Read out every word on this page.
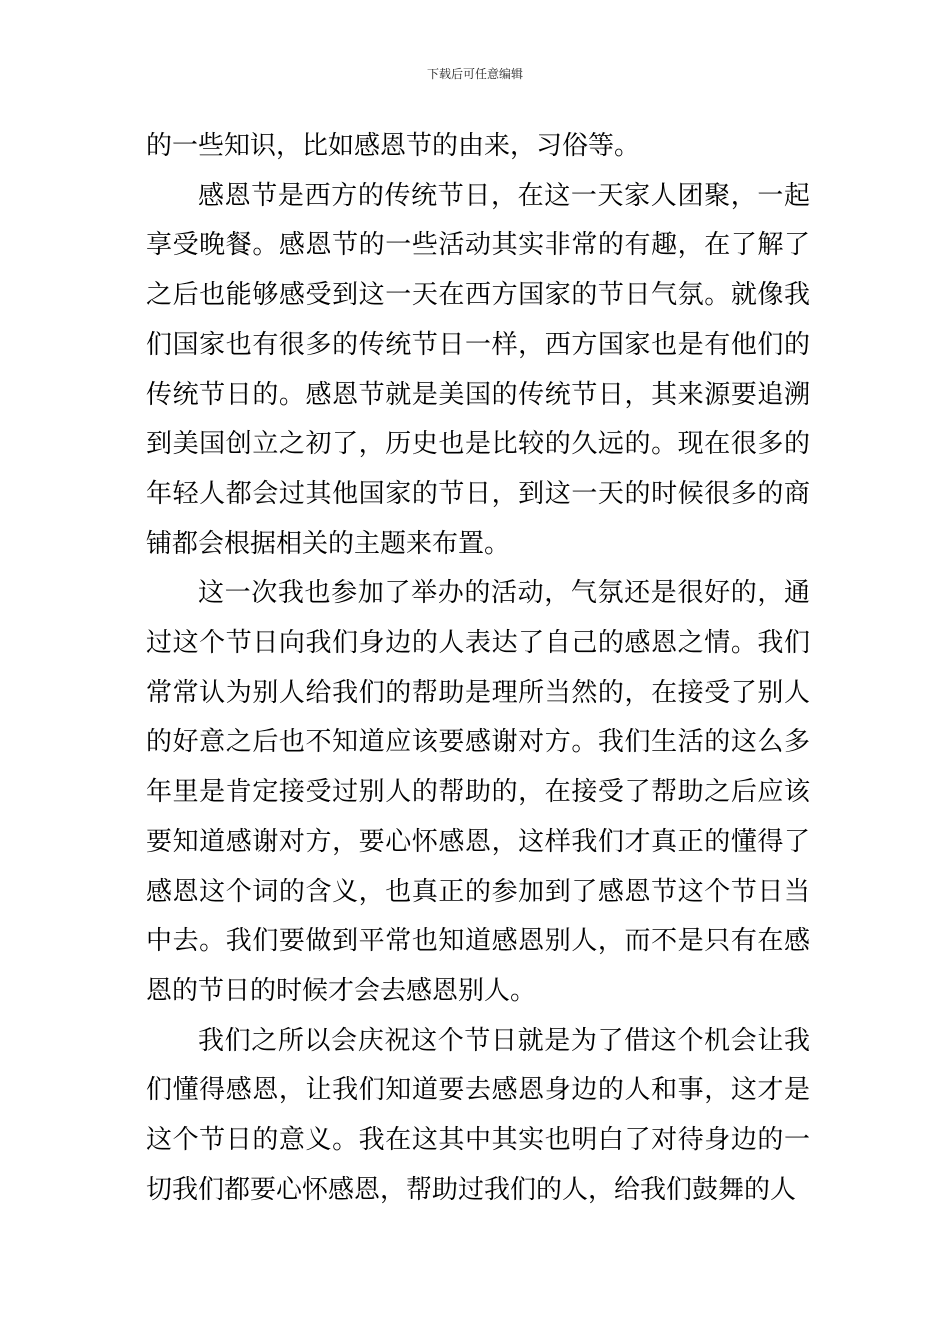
下载后可任意编辑

的一些知识，比如感恩节的由来，习俗等。

感恩节是西方的传统节日，在这一天家人团聚，一起享受晚餐。感恩节的一些活动其实非常的有趣，在了解了之后也能够感受到这一天在西方国家的节日气氛。就像我们国家也有很多的传统节日一样，西方国家也是有他们的传统节日的。感恩节就是美国的传统节日，其来源要追溯到美国创立之初了，历史也是比较的久远的。现在很多的年轻人都会过其他国家的节日，到这一天的时候很多的商铺都会根据相关的主题来布置。

这一次我也参加了举办的活动，气氛还是很好的，通过这个节日向我们身边的人表达了自己的感恩之情。我们常常认为别人给我们的帮助是理所当然的，在接受了别人的好意之后也不知道应该要感谢对方。我们生活的这么多年里是肯定接受过别人的帮助的，在接受了帮助之后应该要知道感谢对方，要心怀感恩，这样我们才真正的懂得了感恩这个词的含义，也真正的参加到了感恩节这个节日当中去。我们要做到平常也知道感恩别人，而不是只有在感恩的节日的时候才会去感恩别人。

我们之所以会庆祝这个节日就是为了借这个机会让我们懂得感恩，让我们知道要去感恩身边的人和事，这才是这个节日的意义。我在这其中其实也明白了对待身边的一切我们都要心怀感恩，帮助过我们的人，给我们鼓舞的人
